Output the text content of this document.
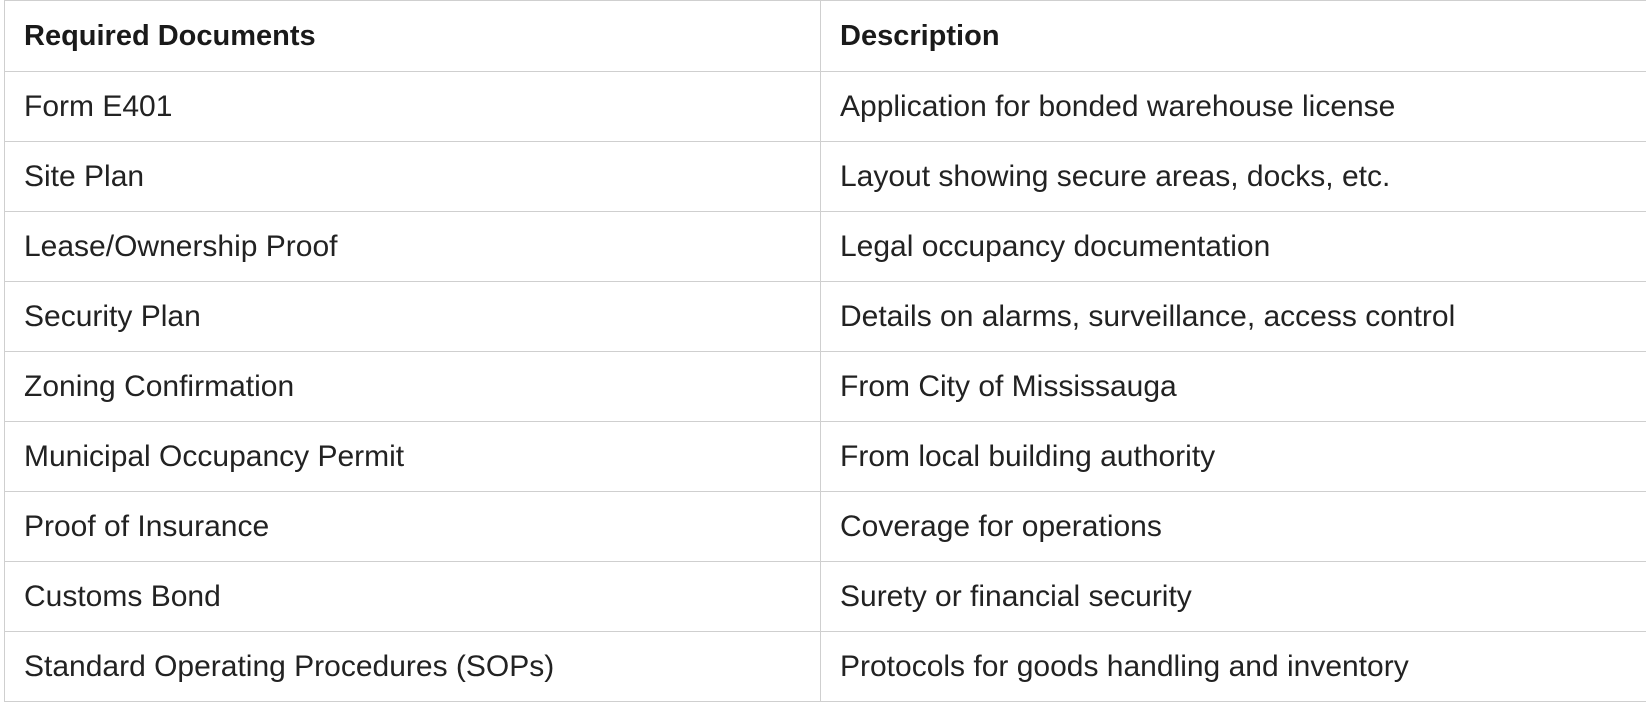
Required Documents	Description
Form E401	Application for bonded warehouse license
Site Plan	Layout showing secure areas, docks, etc.
Lease/Ownership Proof	Legal occupancy documentation
Security Plan	Details on alarms, surveillance, access control
Zoning Confirmation	From City of Mississauga
Municipal Occupancy Permit	From local building authority
Proof of Insurance	Coverage for operations
Customs Bond	Surety or financial security
Standard Operating Procedures (SOPs)	Protocols for goods handling and inventory
